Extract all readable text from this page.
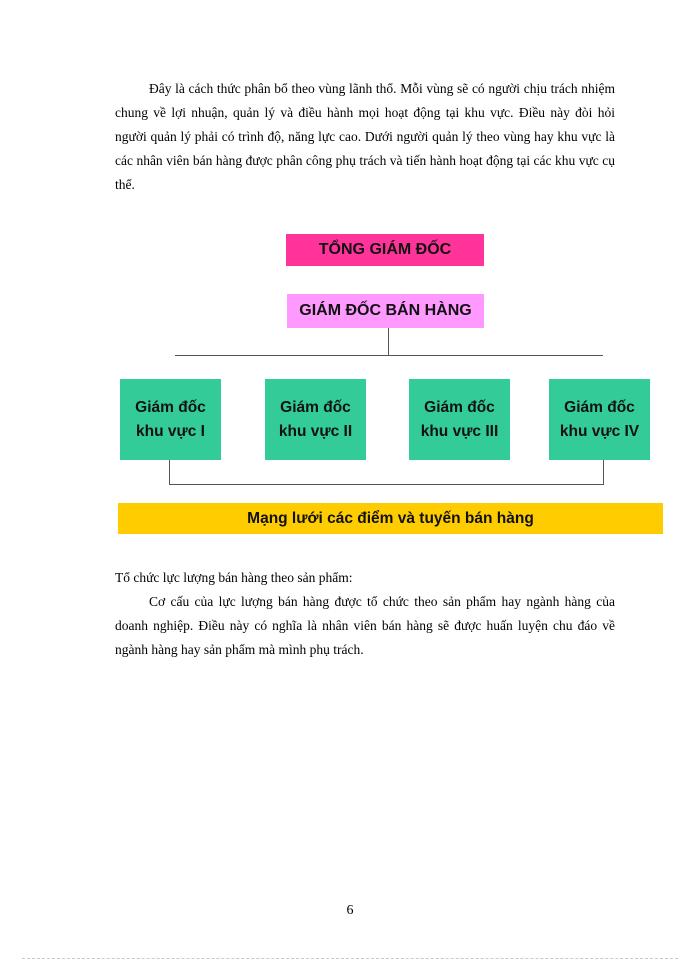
Đây là cách thức phân bổ theo vùng lãnh thổ. Mỗi vùng sẽ có người chịu trách nhiệm chung về lợi nhuận, quản lý và điều hành mọi hoạt động tại khu vực. Điều này đòi hỏi người quản lý phải có trình độ, năng lực cao. Dưới người quản lý theo vùng hay khu vực là các nhân viên bán hàng được phân công phụ trách và tiến hành hoạt động tại các khu vực cụ thể.

TỔNG GIÁM ĐỐC
GIÁM ĐỐC BÁN HÀNG
Giám đốc
khu vực I
Giám đốc
khu vực II
Giám đốc
khu vực III
Giám đốc
khu vực IV
Mạng lưới các điểm và tuyến bán hàng

Tổ chức lực lượng bán hàng theo sản phẩm:

Cơ cấu của lực lượng bán hàng được tổ chức theo sản phẩm hay ngành hàng của doanh nghiệp. Điều này có nghĩa là nhân viên bán hàng sẽ được huấn luyện chu đáo về ngành hàng hay sản phẩm mà mình phụ trách.

6
